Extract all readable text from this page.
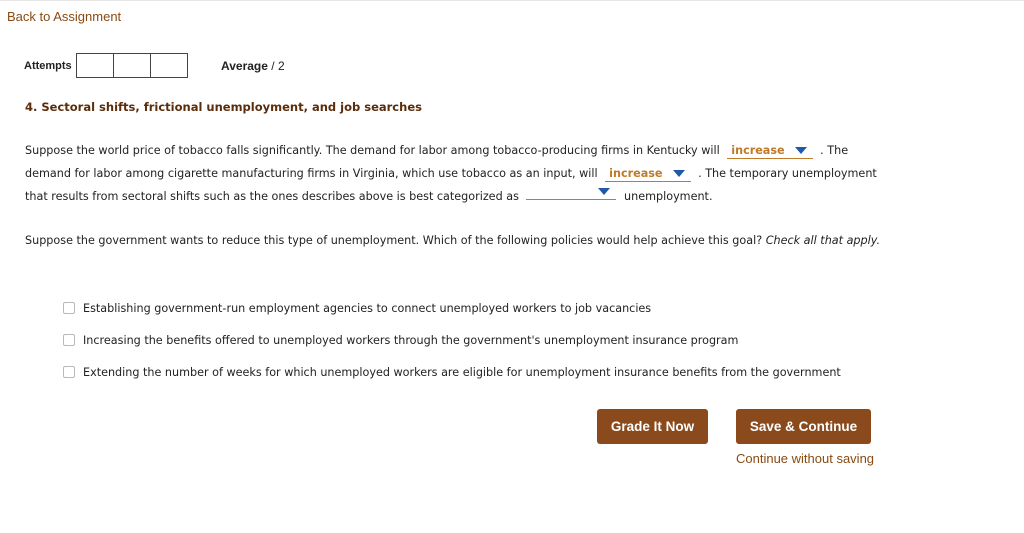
Back to Assignment
Attempts	Average / 2
4. Sectoral shifts, frictional unemployment, and job searches
Suppose the world price of tobacco falls significantly. The demand for labor among tobacco-producing firms in Kentucky will increase	. The demand for labor among cigarette manufacturing firms in Virginia, which use tobacco as an input, will increase	. The temporary unemployment that results from sectoral shifts such as the ones describes above is best categorized as	unemployment.
Suppose the government wants to reduce this type of unemployment. Which of the following policies would help achieve this goal? Check all that apply.
Establishing government-run employment agencies to connect unemployed workers to job vacancies
Increasing the benefits offered to unemployed workers through the government's unemployment insurance program
Extending the number of weeks for which unemployed workers are eligible for unemployment insurance benefits from the government
Grade It Now	Save & Continue
Continue without saving
